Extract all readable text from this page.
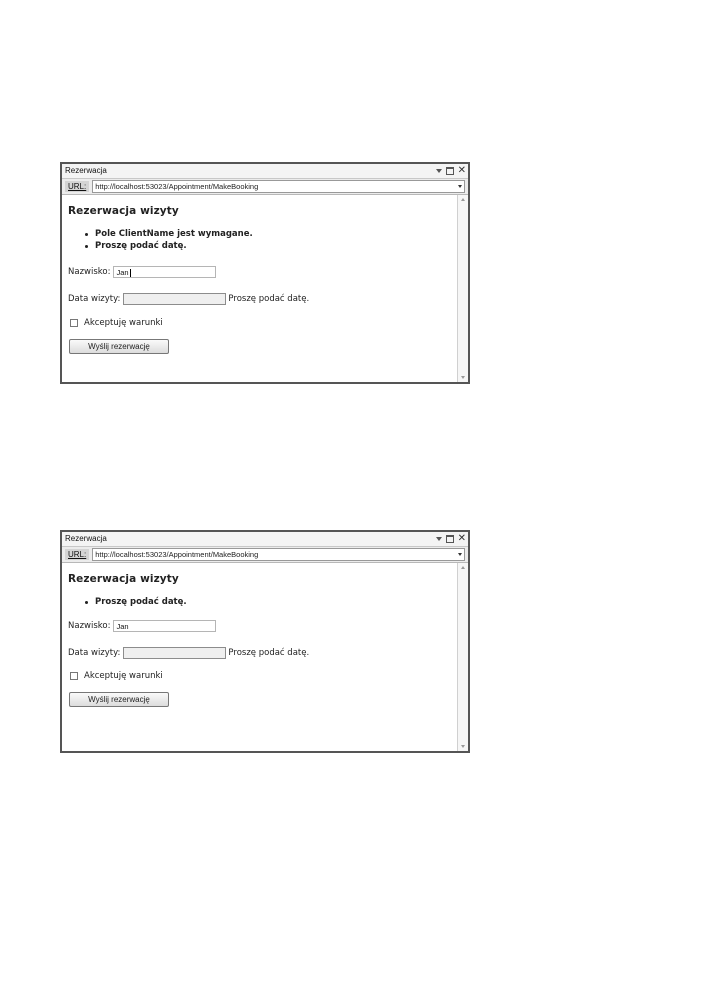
Rezerwacja	✕
URL:	http://localhost:53023/Appointment/MakeBooking
Rezerwacja wizyty
Pole ClientName jest wymagane.
Proszę podać datę.
Nazwisko: Jan
Data wizyty:	Proszę podać datę.
Akceptuję warunki
Wyślij rezerwację
Rezerwacja	✕
URL:	http://localhost:53023/Appointment/MakeBooking
Rezerwacja wizyty
Proszę podać datę.
Nazwisko: Jan
Data wizyty:	Proszę podać datę.
Akceptuję warunki
Wyślij rezerwację
